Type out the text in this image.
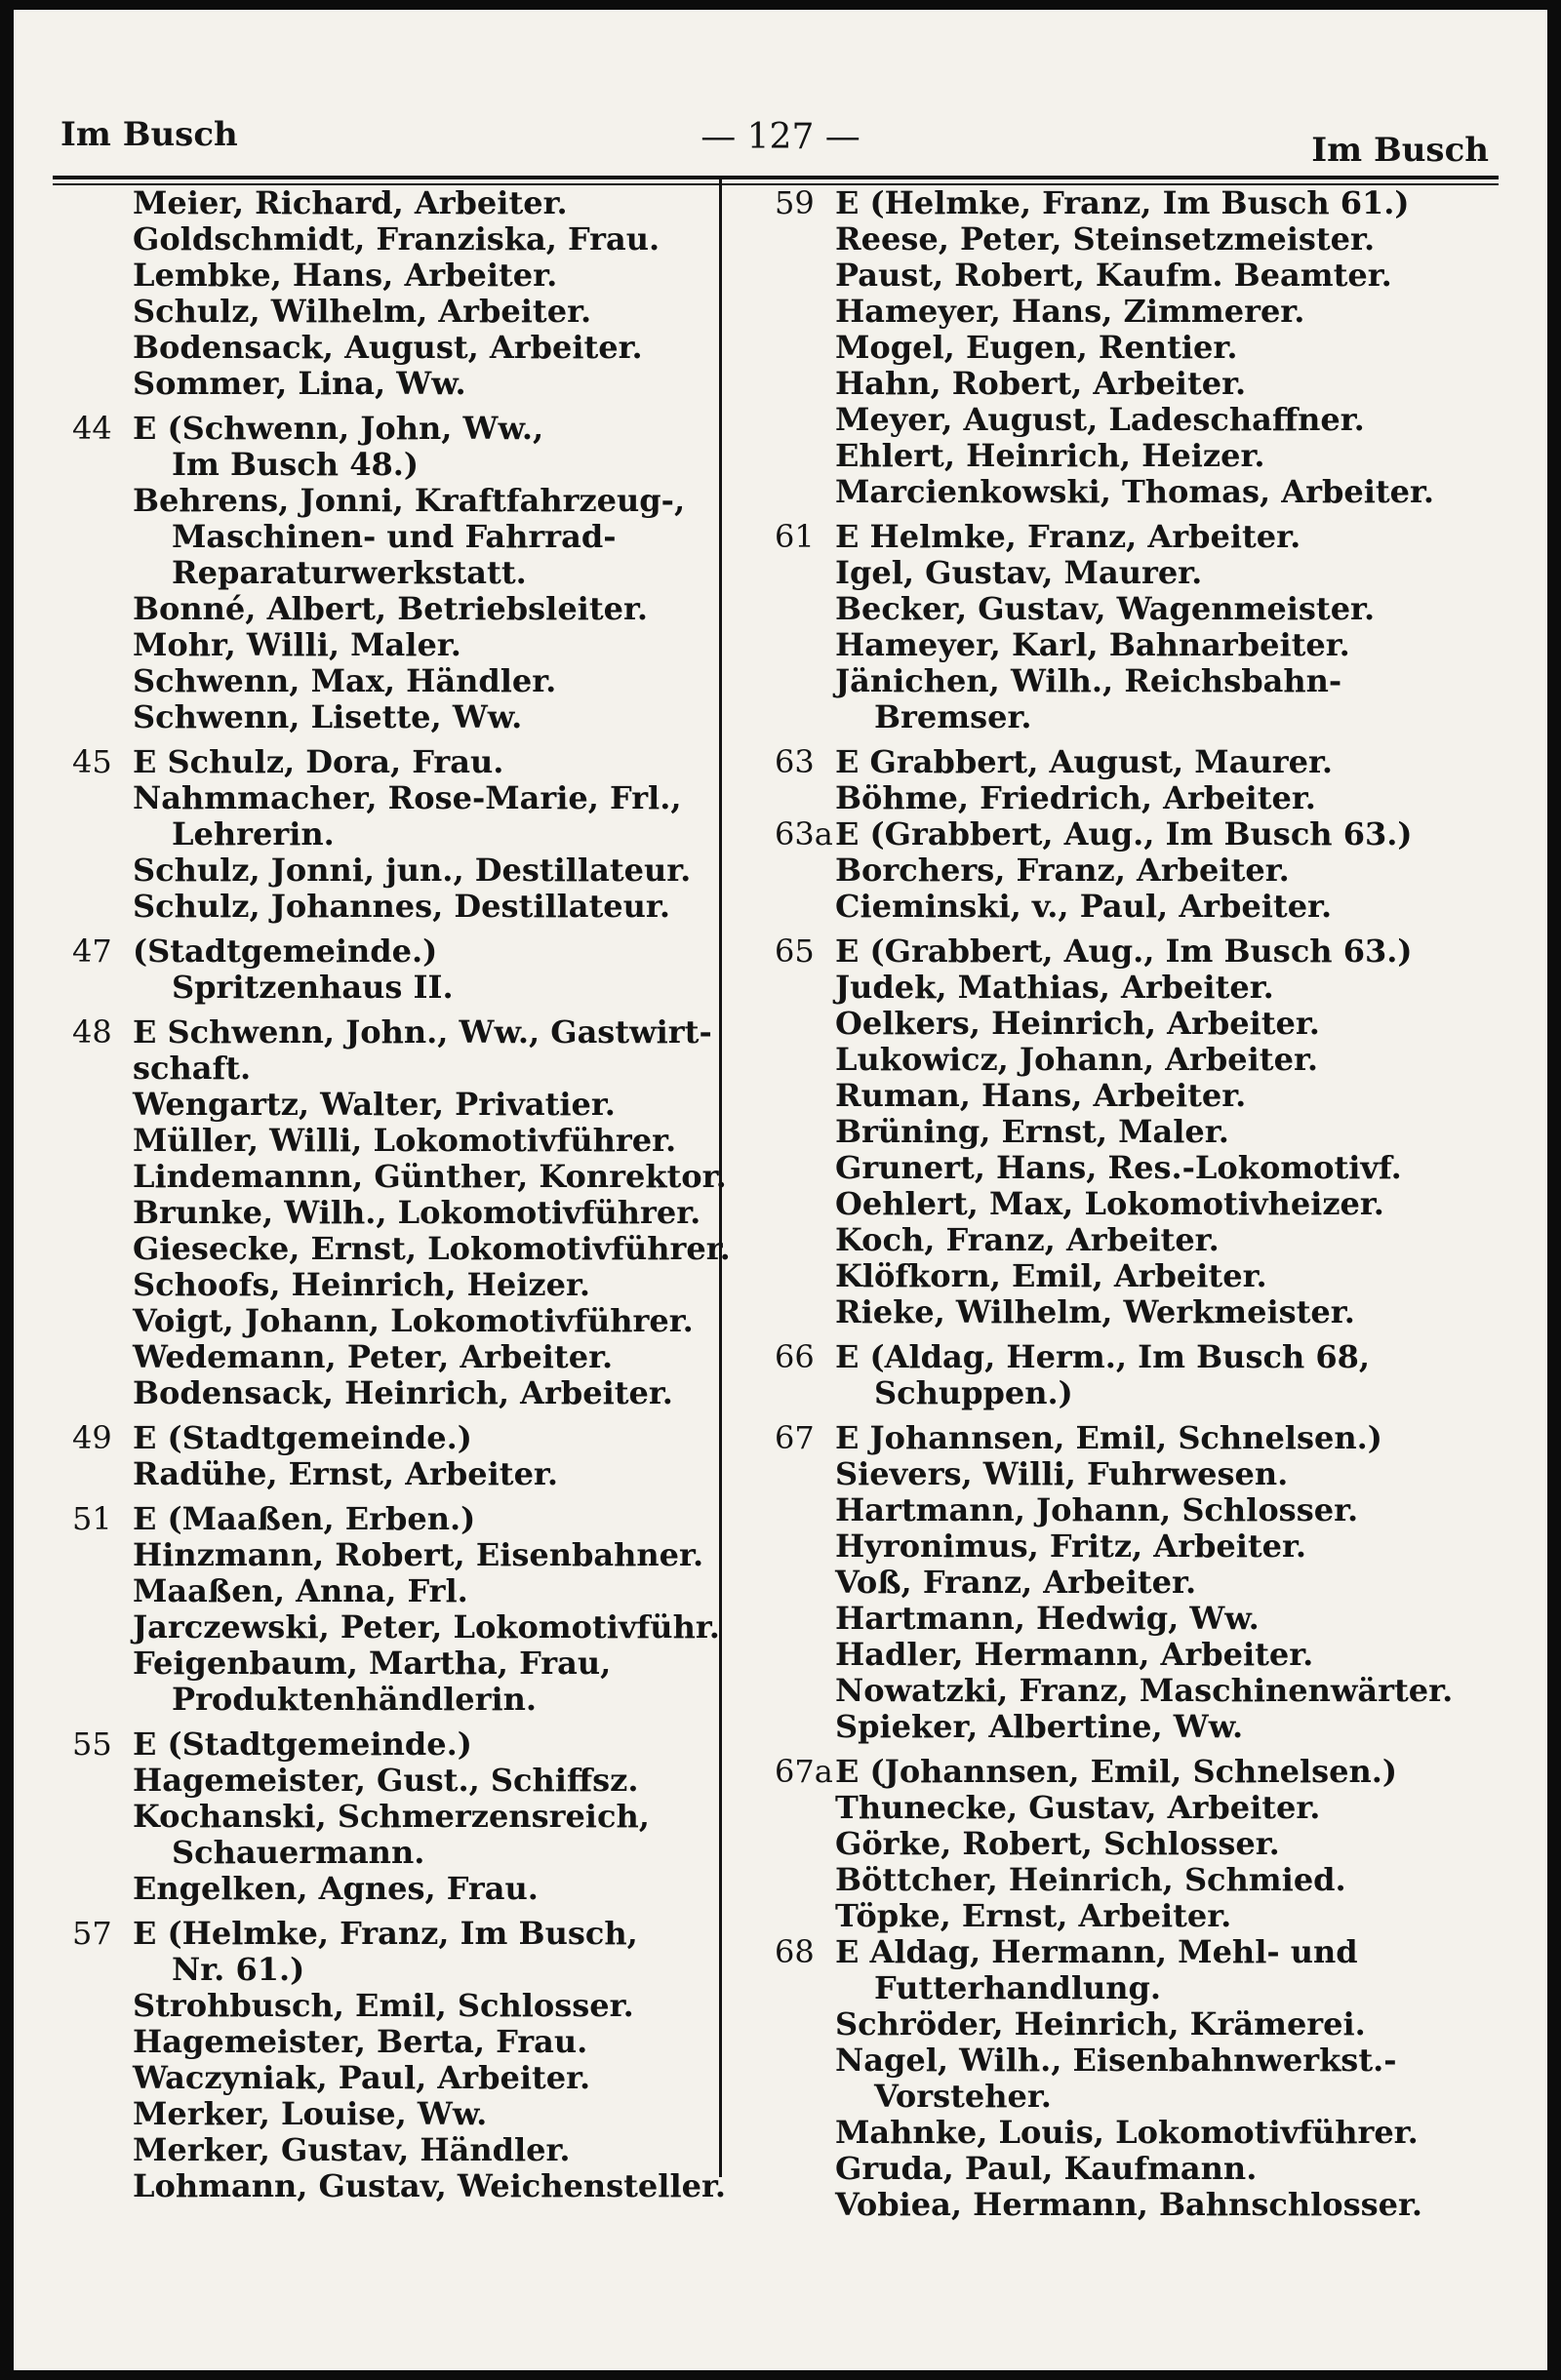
Im Busch	— 127 —	Im Busch
Meier, Richard, Arbeiter.
Goldschmidt, Franziska, Frau.
Lembke, Hans, Arbeiter.
Schulz, Wilhelm, Arbeiter.
Bodensack, August, Arbeiter.
Sommer, Lina, Ww.
44 E (Schwenn, John, Ww.,
Im Busch 48.)
Behrens, Jonni, Kraftfahrzeug-,
Maschinen- und Fahrrad-
Reparaturwerkstatt.
Bonné, Albert, Betriebsleiter.
Mohr, Willi, Maler.
Schwenn, Max, Händler.
Schwenn, Lisette, Ww.
45 E Schulz, Dora, Frau.
Nahmmacher, Rose-Marie, Frl.,
Lehrerin.
Schulz, Jonni, jun., Destillateur.
Schulz, Johannes, Destillateur.
47 (Stadtgemeinde.)
Spritzenhaus II.
48 E Schwenn, John., Ww., Gastwirt-
schaft.
Wengartz, Walter, Privatier.
Müller, Willi, Lokomotivführer.
Lindemannn, Günther, Konrektor.
Brunke, Wilh., Lokomotivführer.
Giesecke, Ernst, Lokomotivführer.
Schoofs, Heinrich, Heizer.
Voigt, Johann, Lokomotivführer.
Wedemann, Peter, Arbeiter.
Bodensack, Heinrich, Arbeiter.
49 E (Stadtgemeinde.)
Radühe, Ernst, Arbeiter.
51 E (Maaßen, Erben.)
Hinzmann, Robert, Eisenbahner.
Maaßen, Anna, Frl.
Jarczewski, Peter, Lokomotivführ.
Feigenbaum, Martha, Frau,
Produktenhändlerin.
55 E (Stadtgemeinde.)
Hagemeister, Gust., Schiffsz.
Kochanski, Schmerzensreich,
Schauermann.
Engelken, Agnes, Frau.
57 E (Helmke, Franz, Im Busch,
Nr. 61.)
Strohbusch, Emil, Schlosser.
Hagemeister, Berta, Frau.
Waczyniak, Paul, Arbeiter.
Merker, Louise, Ww.
Merker, Gustav, Händler.
Lohmann, Gustav, Weichensteller.
59 E (Helmke, Franz, Im Busch 61.)
Reese, Peter, Steinsetzmeister.
Paust, Robert, Kaufm. Beamter.
Hameyer, Hans, Zimmerer.
Mogel, Eugen, Rentier.
Hahn, Robert, Arbeiter.
Meyer, August, Ladeschaffner.
Ehlert, Heinrich, Heizer.
Marcienkowski, Thomas, Arbeiter.
61 E Helmke, Franz, Arbeiter.
Igel, Gustav, Maurer.
Becker, Gustav, Wagenmeister.
Hameyer, Karl, Bahnarbeiter.
Jänichen, Wilh., Reichsbahn-
Bremser.
63 E Grabbert, August, Maurer.
Böhme, Friedrich, Arbeiter.
63aE (Grabbert, Aug., Im Busch 63.)
Borchers, Franz, Arbeiter.
Cieminski, v., Paul, Arbeiter.
65 E (Grabbert, Aug., Im Busch 63.)
Judek, Mathias, Arbeiter.
Oelkers, Heinrich, Arbeiter.
Lukowicz, Johann, Arbeiter.
Ruman, Hans, Arbeiter.
Brüning, Ernst, Maler.
Grunert, Hans, Res.-Lokomotivf.
Oehlert, Max, Lokomotivheizer.
Koch, Franz, Arbeiter.
Klöfkorn, Emil, Arbeiter.
Rieke, Wilhelm, Werkmeister.
66 E (Aldag, Herm., Im Busch 68,
Schuppen.)
67 E Johannsen, Emil, Schnelsen.)
Sievers, Willi, Fuhrwesen.
Hartmann, Johann, Schlosser.
Hyronimus, Fritz, Arbeiter.
Voß, Franz, Arbeiter.
Hartmann, Hedwig, Ww.
Hadler, Hermann, Arbeiter.
Nowatzki, Franz, Maschinenwärter.
Spieker, Albertine, Ww.
67aE (Johannsen, Emil, Schnelsen.)
Thunecke, Gustav, Arbeiter.
Görke, Robert, Schlosser.
Böttcher, Heinrich, Schmied.
Töpke, Ernst, Arbeiter.
68 E Aldag, Hermann, Mehl- und
Futterhandlung.
Schröder, Heinrich, Krämerei.
Nagel, Wilh., Eisenbahnwerkst.-
Vorsteher.
Mahnke, Louis, Lokomotivführer.
Gruda, Paul, Kaufmann.
Vobiea, Hermann, Bahnschlosser.
